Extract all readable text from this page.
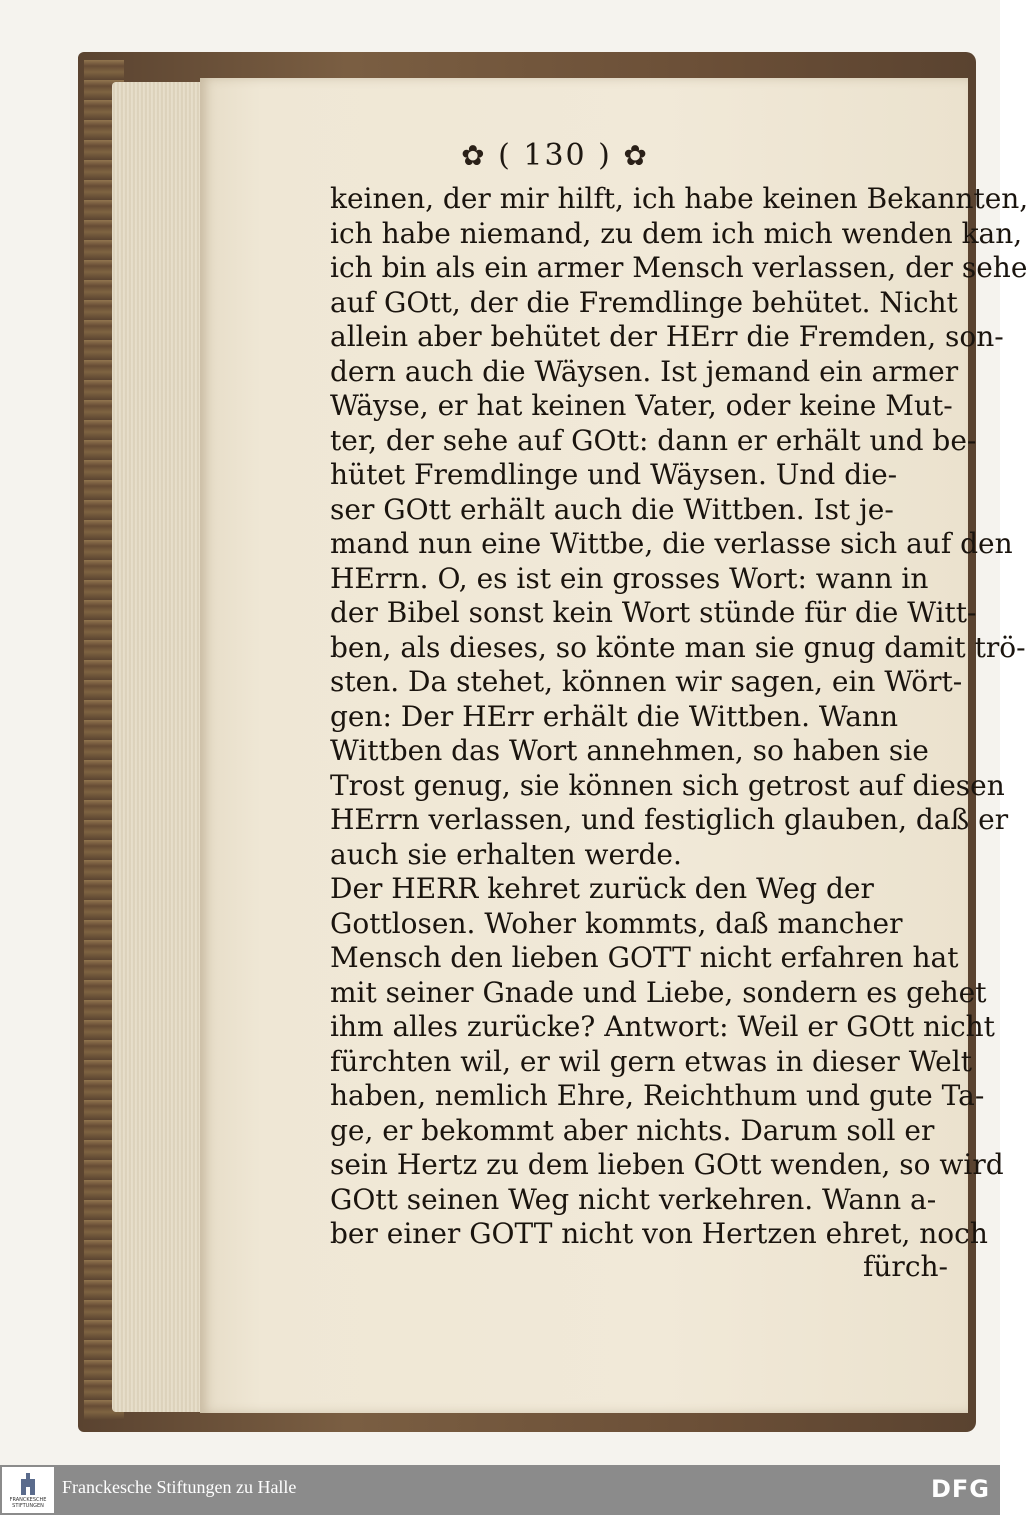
✿ ( 130 ) ✿
keinen, der mir hilft, ich habe keinen Bekannten,
ich habe niemand, zu dem ich mich wenden kan,
ich bin als ein armer Mensch verlassen, der sehe
auf GOtt, der die Fremdlinge behütet. Nicht
allein aber behütet der HErr die Fremden, son-
dern auch die Wäysen. Ist jemand ein armer
Wäyse, er hat keinen Vater, oder keine Mut-
ter, der sehe auf GOtt: dann er erhält und be-
hütet Fremdlinge und Wäysen. Und die-
ser GOtt erhält auch die Wittben. Ist je-
mand nun eine Wittbe, die verlasse sich auf den
HErrn. O, es ist ein grosses Wort: wann in
der Bibel sonst kein Wort stünde für die Witt-
ben, als dieses, so könte man sie gnug damit trö-
sten. Da stehet, können wir sagen, ein Wört-
gen: Der HErr erhält die Wittben. Wann
Wittben das Wort annehmen, so haben sie
Trost genug, sie können sich getrost auf diesen
HErrn verlassen, und festiglich glauben, daß er
auch sie erhalten werde.
Der HERR kehret zurück den Weg der
Gottlosen. Woher kommts, daß mancher
Mensch den lieben GOTT nicht erfahren hat
mit seiner Gnade und Liebe, sondern es gehet
ihm alles zurücke? Antwort: Weil er GOtt nicht
fürchten wil, er wil gern etwas in dieser Welt
haben, nemlich Ehre, Reichthum und gute Ta-
ge, er bekommt aber nichts. Darum soll er
sein Hertz zu dem lieben GOtt wenden, so wird
GOtt seinen Weg nicht verkehren. Wann a-
ber einer GOTT nicht von Hertzen ehret, noch
fürch-
FRANCKESCHE STIFTUNGEN
Franckesche Stiftungen zu Halle	DFG
